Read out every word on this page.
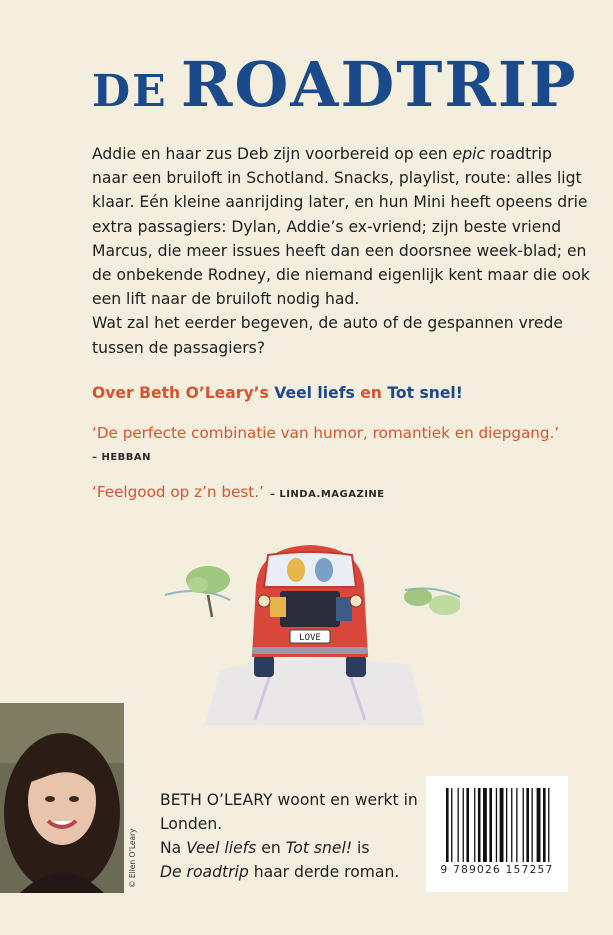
DE ROADTRIP

Addie en haar zus Deb zijn voorbereid op een epic roadtrip naar een bruiloft in Schotland. Snacks, playlist, route: alles ligt klaar. Eén kleine aanrijding later, en hun Mini heeft opeens drie extra passagiers: Dylan, Addie’s ex-vriend; zijn beste vriend Marcus, die meer issues heeft dan een doorsnee week-blad; en de onbekende Rodney, die niemand eigenlijk kent maar die ook een lift naar de bruiloft nodig had.

Wat zal het eerder begeven, de auto of de gespannen vrede tussen de passagiers?

Over Beth O’Leary’s Veel liefs en Tot snel!

‘De perfecte combinatie van humor, romantiek en diepgang.’

– HEBBAN

‘Feelgood op z’n best.’ – LINDA.MAGAZINE

LOVE
© Ellen O’Leary

BETH O’LEARY woont en werkt in Londen.

Na Veel liefs en Tot snel! is
De roadtrip haar derde roman.	9 789026 157257
